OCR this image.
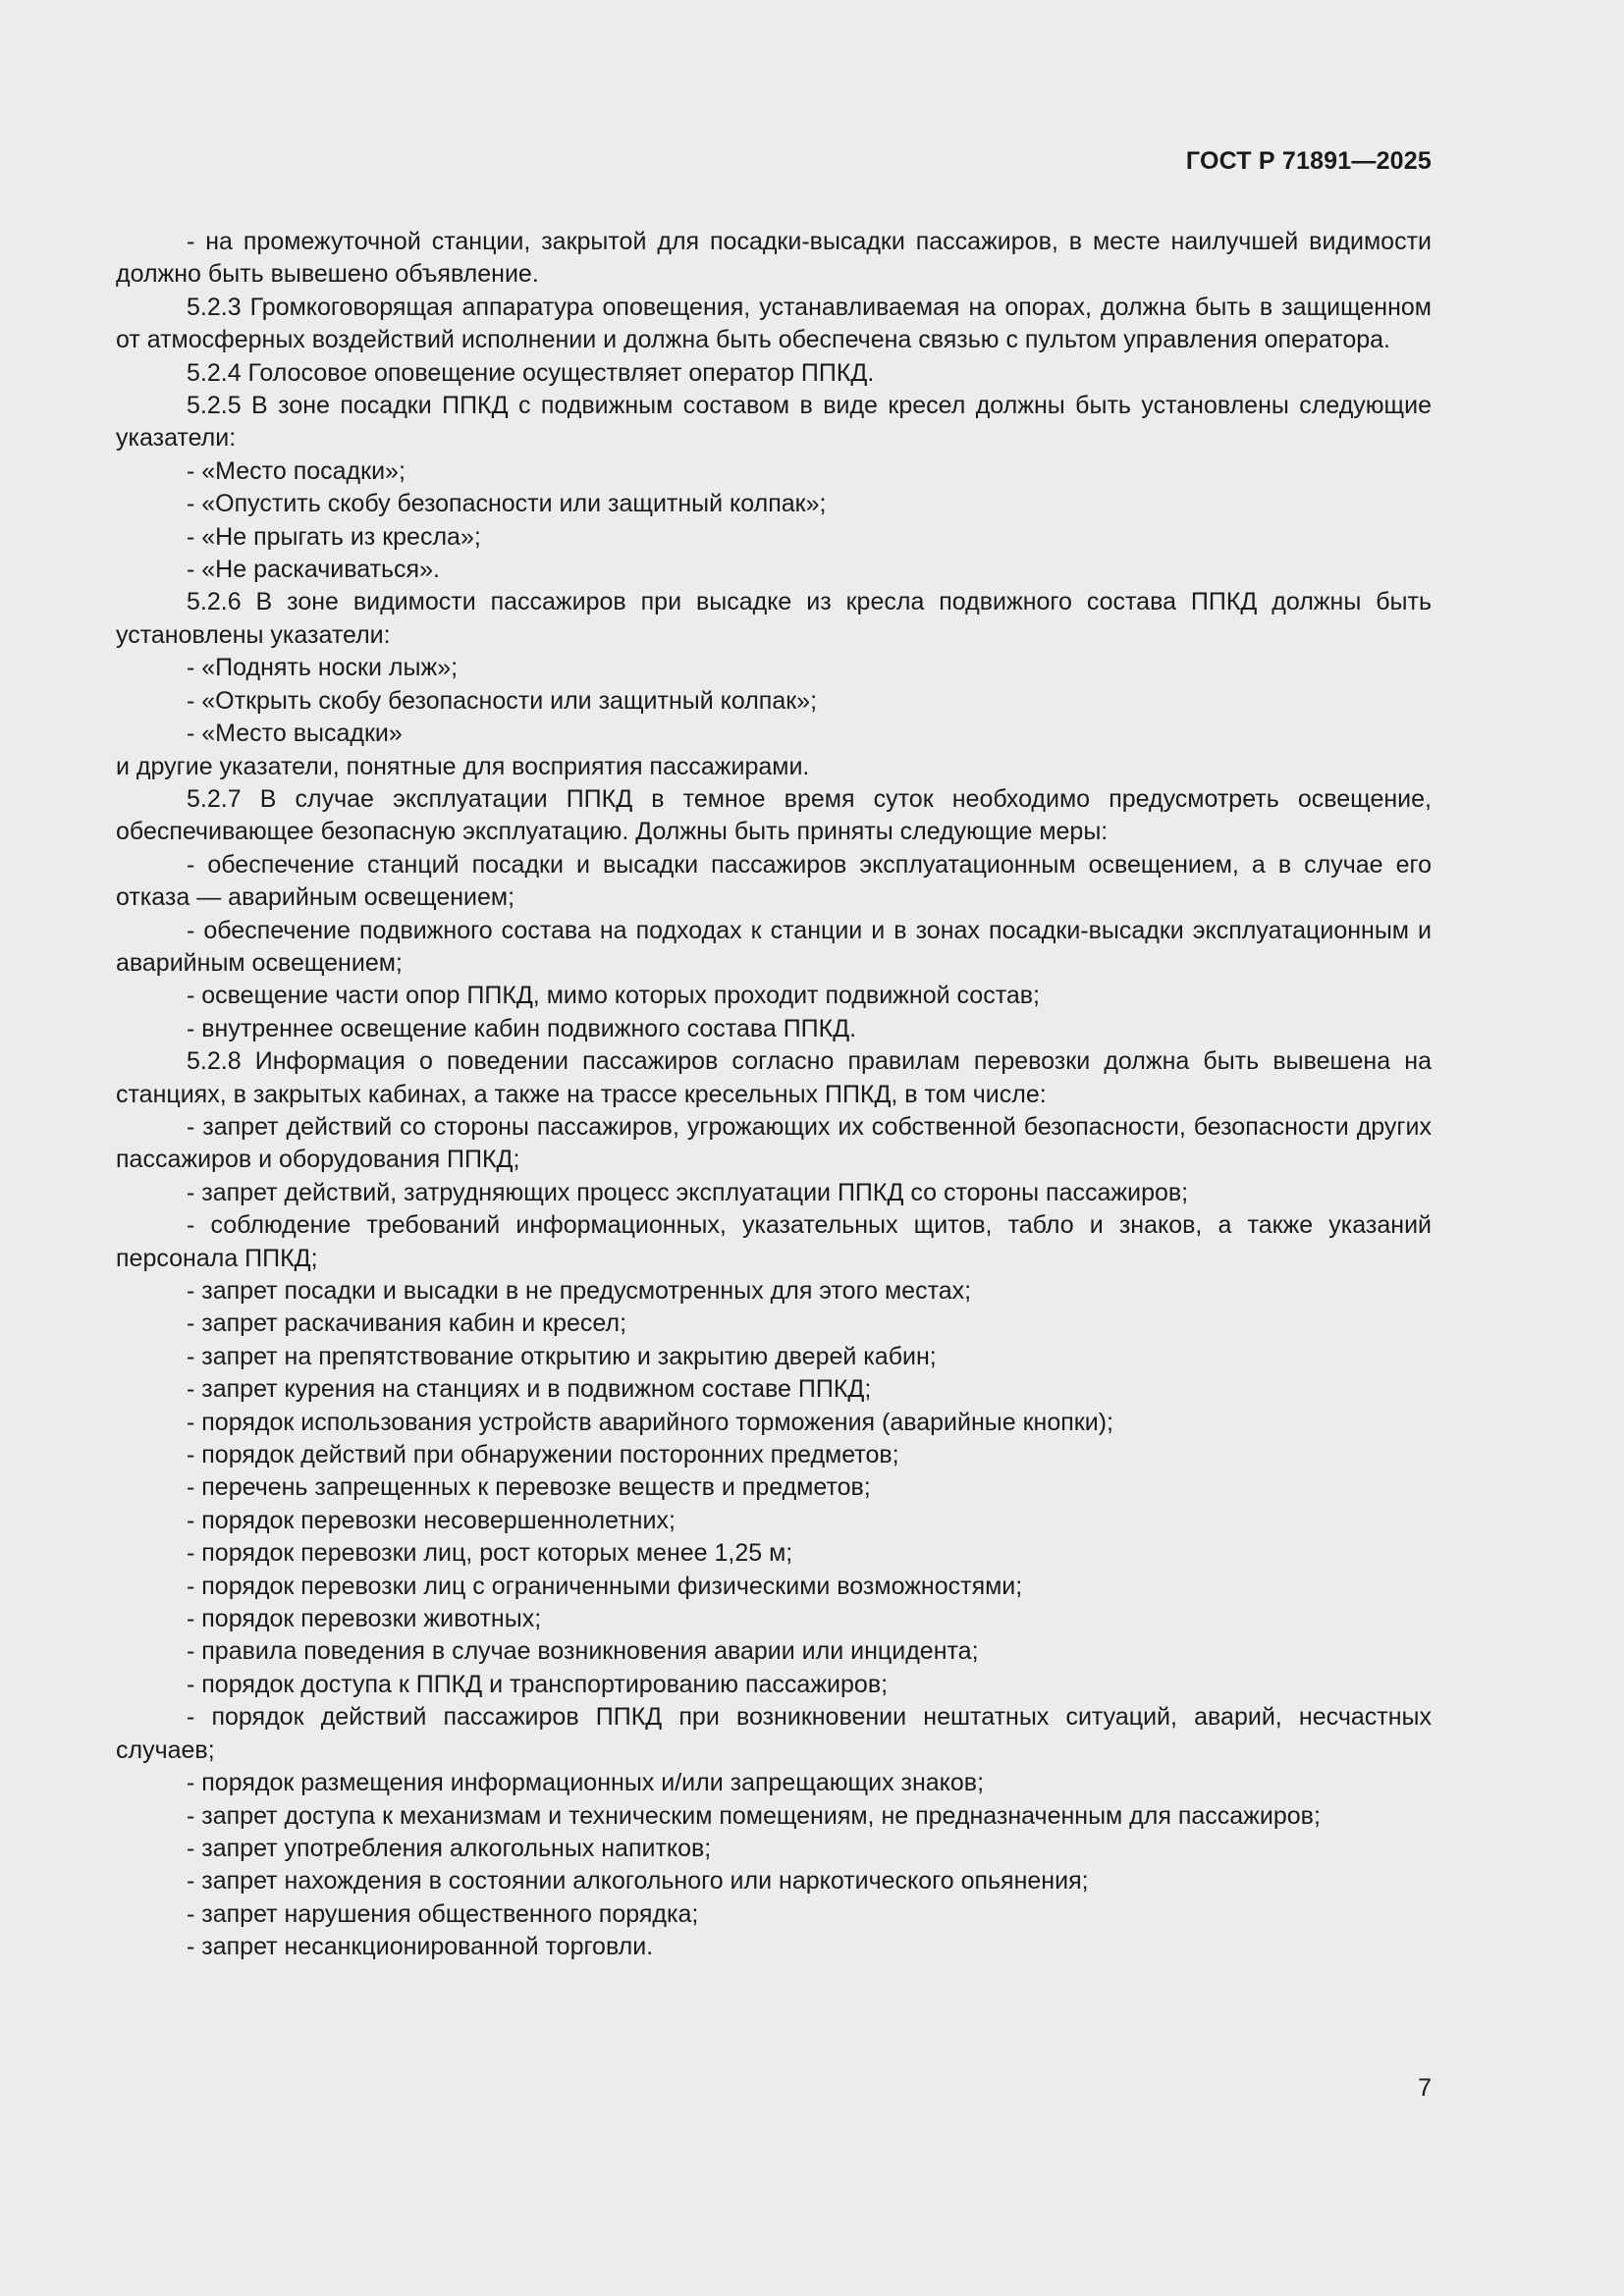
ГОСТ Р 71891—2025

- на промежуточной станции, закрытой для посадки-высадки пассажиров, в месте наилучшей видимости должно быть вывешено объявление.

5.2.3 Громкоговорящая аппаратура оповещения, устанавливаемая на опорах, должна быть в защищенном от атмосферных воздействий исполнении и должна быть обеспечена связью с пультом управления оператора.

5.2.4 Голосовое оповещение осуществляет оператор ППКД.

5.2.5 В зоне посадки ППКД с подвижным составом в виде кресел должны быть установлены следующие указатели:

- «Место посадки»;

- «Опустить скобу безопасности или защитный колпак»;

- «Не прыгать из кресла»;

- «Не раскачиваться».

5.2.6 В зоне видимости пассажиров при высадке из кресла подвижного состава ППКД должны быть установлены указатели:

- «Поднять носки лыж»;

- «Открыть скобу безопасности или защитный колпак»;

- «Место высадки»

и другие указатели, понятные для восприятия пассажирами.

5.2.7 В случае эксплуатации ППКД в темное время суток необходимо предусмотреть освещение, обеспечивающее безопасную эксплуатацию. Должны быть приняты следующие меры:

- обеспечение станций посадки и высадки пассажиров эксплуатационным освещением, а в случае его отказа — аварийным освещением;

- обеспечение подвижного состава на подходах к станции и в зонах посадки-высадки эксплуатационным и аварийным освещением;

- освещение части опор ППКД, мимо которых проходит подвижной состав;

- внутреннее освещение кабин подвижного состава ППКД.

5.2.8 Информация о поведении пассажиров согласно правилам перевозки должна быть вывешена на станциях, в закрытых кабинах, а также на трассе кресельных ППКД, в том числе:

- запрет действий со стороны пассажиров, угрожающих их собственной безопасности, безопасности других пассажиров и оборудования ППКД;

- запрет действий, затрудняющих процесс эксплуатации ППКД со стороны пассажиров;

- соблюдение требований информационных, указательных щитов, табло и знаков, а также указаний персонала ППКД;

- запрет посадки и высадки в не предусмотренных для этого местах;

- запрет раскачивания кабин и кресел;

- запрет на препятствование открытию и закрытию дверей кабин;

- запрет курения на станциях и в подвижном составе ППКД;

- порядок использования устройств аварийного торможения (аварийные кнопки);

- порядок действий при обнаружении посторонних предметов;

- перечень запрещенных к перевозке веществ и предметов;

- порядок перевозки несовершеннолетних;

- порядок перевозки лиц, рост которых менее 1,25 м;

- порядок перевозки лиц с ограниченными физическими возможностями;

- порядок перевозки животных;

- правила поведения в случае возникновения аварии или инцидента;

- порядок доступа к ППКД и транспортированию пассажиров;

- порядок действий пассажиров ППКД при возникновении нештатных ситуаций, аварий, несчастных случаев;

- порядок размещения информационных и/или запрещающих знаков;

- запрет доступа к механизмам и техническим помещениям, не предназначенным для пассажиров;

- запрет употребления алкогольных напитков;

- запрет нахождения в состоянии алкогольного или наркотического опьянения;

- запрет нарушения общественного порядка;

- запрет несанкционированной торговли.

7
